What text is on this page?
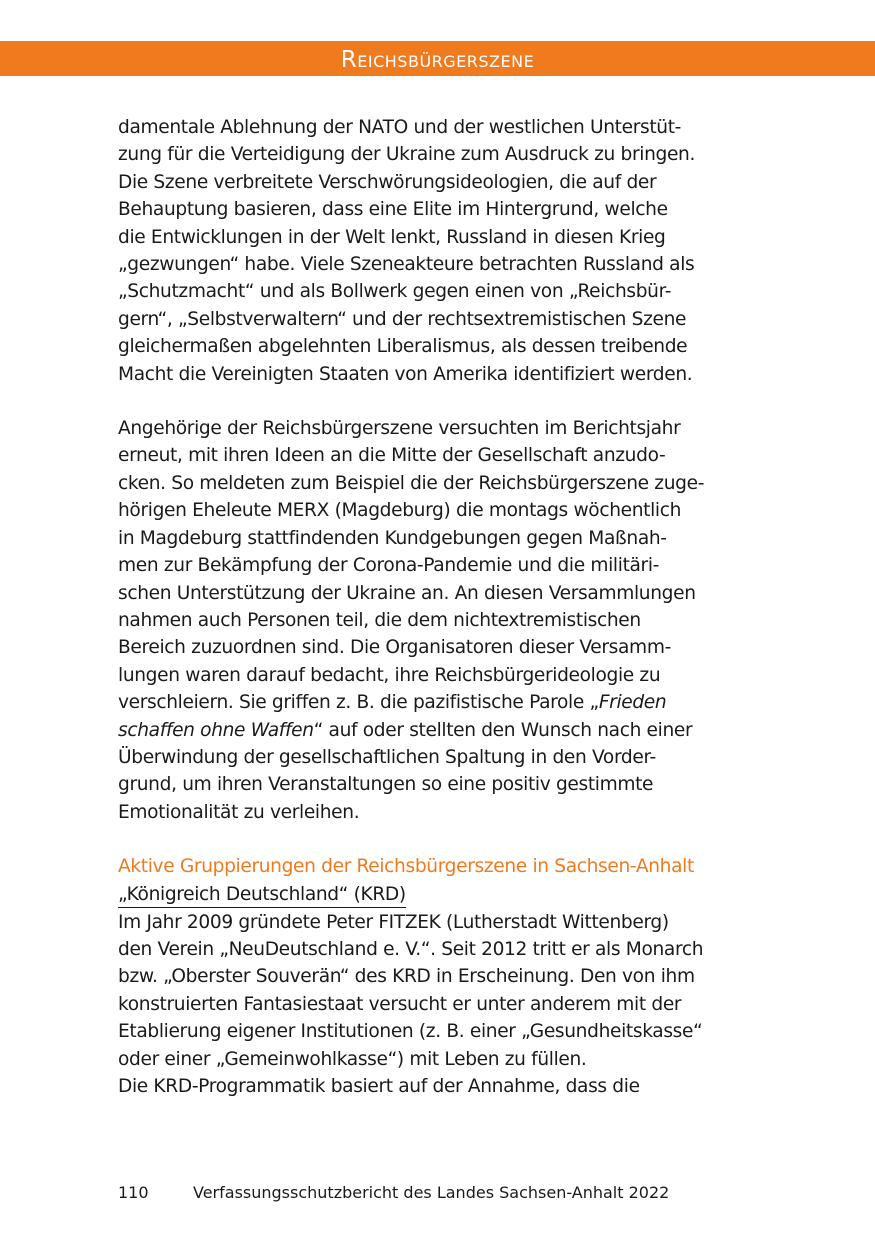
Reichsbürgerszene
damentale Ablehnung der NATO und der westlichen Unterstüt-
zung für die Verteidigung der Ukraine zum Ausdruck zu bringen.
Die Szene verbreitete Verschwörungsideologien, die auf der
Behauptung basieren, dass eine Elite im Hintergrund, welche
die Entwicklungen in der Welt lenkt, Russland in diesen Krieg
„gezwungen“ habe. Viele Szeneakteure betrachten Russland als
„Schutzmacht“ und als Bollwerk gegen einen von „Reichsbür-
gern“, „Selbstverwaltern“ und der rechtsextremistischen Szene
gleichermaßen abgelehnten Liberalismus, als dessen treibende
Macht die Vereinigten Staaten von Amerika identifiziert werden.
Angehörige der Reichsbürgerszene versuchten im Berichtsjahr
erneut, mit ihren Ideen an die Mitte der Gesellschaft anzudo-
cken. So meldeten zum Beispiel die der Reichsbürgerszene zuge-
hörigen Eheleute MERX (Magdeburg) die montags wöchentlich
in Magdeburg stattfindenden Kundgebungen gegen Maßnah-
men zur Bekämpfung der Corona-Pandemie und die militäri-
schen Unterstützung der Ukraine an. An diesen Versammlungen
nahmen auch Personen teil, die dem nichtextremistischen
Bereich zuzuordnen sind. Die Organisatoren dieser Versamm-
lungen waren darauf bedacht, ihre Reichsbürgerideologie zu
verschleiern. Sie griffen z. B. die pazifistische Parole „Frieden
schaffen ohne Waffen“ auf oder stellten den Wunsch nach einer
Überwindung der gesellschaftlichen Spaltung in den Vorder-
grund, um ihren Veranstaltungen so eine positiv gestimmte
Emotionalität zu verleihen.
Aktive Gruppierungen der Reichsbürgerszene in Sachsen-Anhalt
„Königreich Deutschland“ (KRD)
Im Jahr 2009 gründete Peter FITZEK (Lutherstadt Wittenberg)
den Verein „NeuDeutschland e. V.“. Seit 2012 tritt er als Monarch
bzw. „Oberster Souverän“ des KRD in Erscheinung. Den von ihm
konstruierten Fantasiestaat versucht er unter anderem mit der
Etablierung eigener Institutionen (z. B. einer „Gesundheitskasse“
oder einer „Gemeinwohlkasse“) mit Leben zu füllen.
Die KRD-Programmatik basiert auf der Annahme, dass die
110	Verfassungsschutzbericht des Landes Sachsen-Anhalt 2022
